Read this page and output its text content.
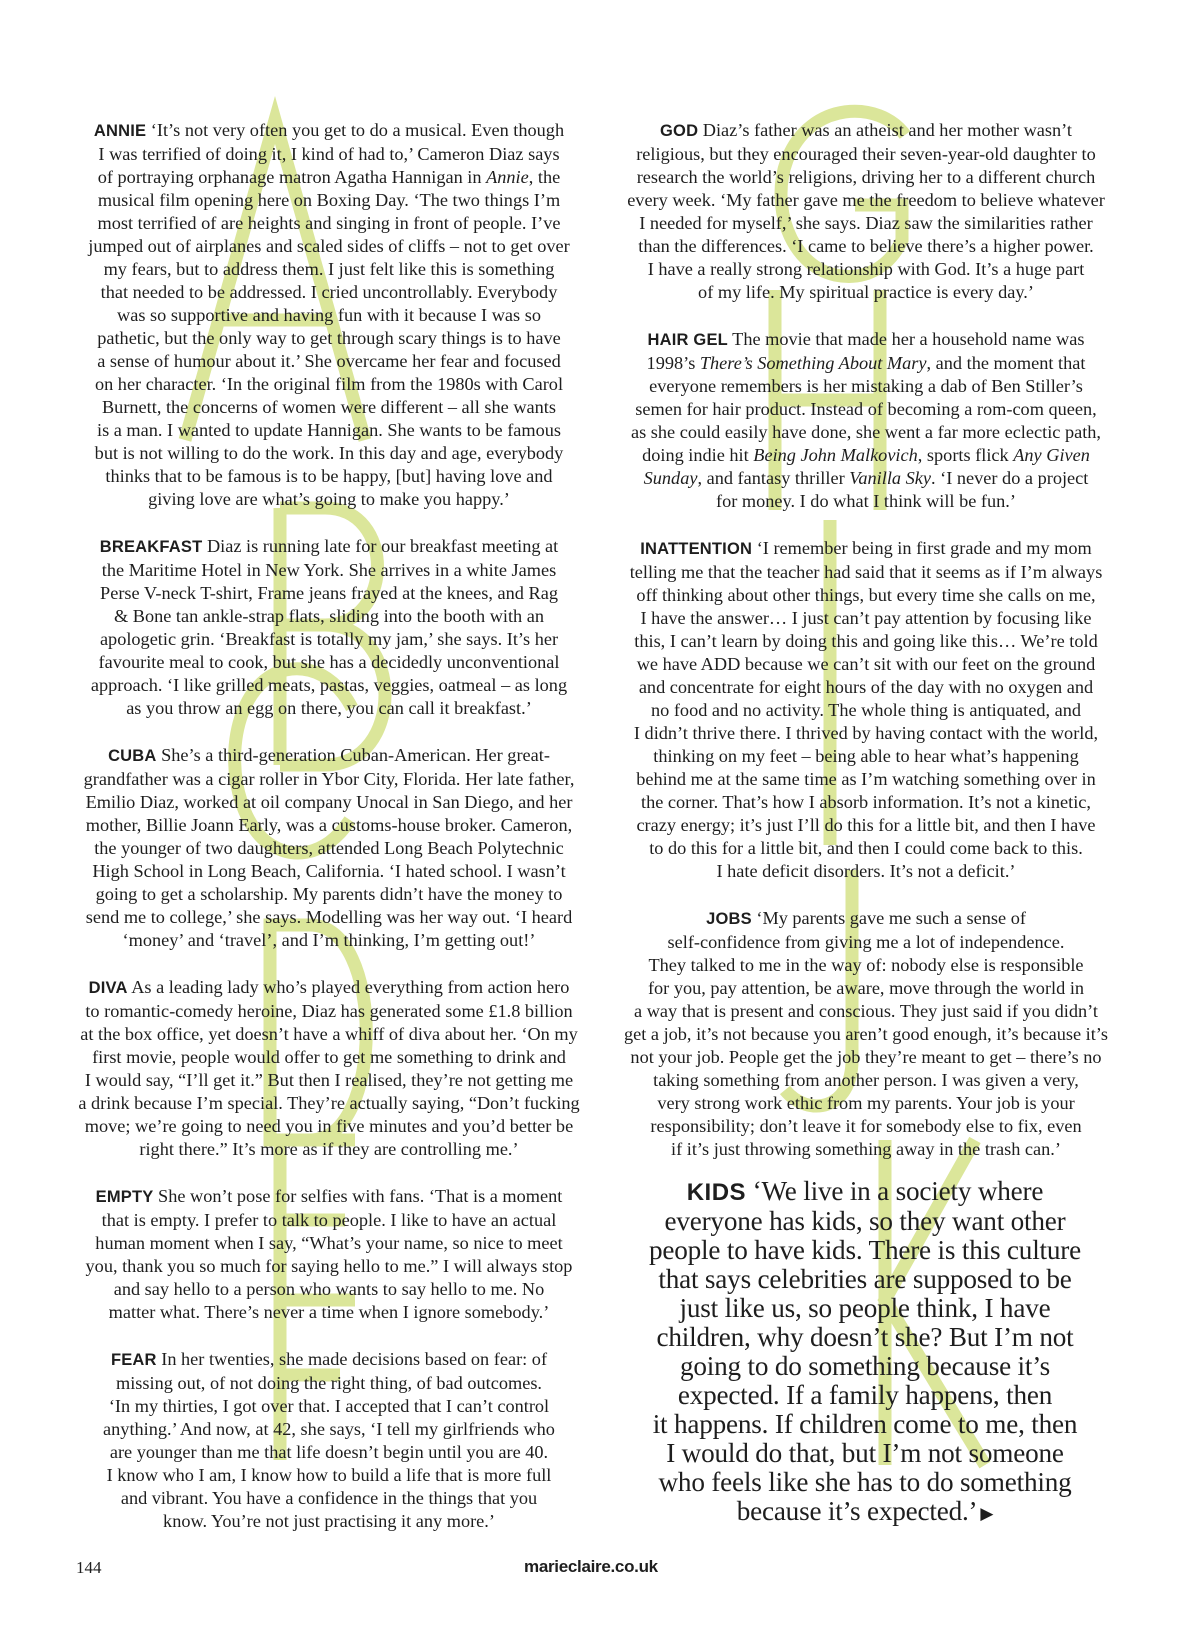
ANNIE ‘It’s not very often you get to do a musical. Even though
I was terrified of doing it, I kind of had to,’ Cameron Diaz says
of portraying orphanage matron Agatha Hannigan in Annie, the
musical film opening here on Boxing Day. ‘The two things I’m
most terrified of are heights and singing in front of people. I’ve
jumped out of airplanes and scaled sides of cliffs – not to get over
my fears, but to address them. I just felt like this is something
that needed to be addressed. I cried uncontrollably. Everybody
was so supportive and having fun with it because I was so
pathetic, but the only way to get through scary things is to have
a sense of humour about it.’ She overcame her fear and focused
on her character. ‘In the original film from the 1980s with Carol
Burnett, the concerns of women were different – all she wants
is a man. I wanted to update Hannigan. She wants to be famous
but is not willing to do the work. In this day and age, everybody
thinks that to be famous is to be happy, [but] having love and
giving love are what’s going to make you happy.’

BREAKFAST Diaz is running late for our breakfast meeting at
the Maritime Hotel in New York. She arrives in a white James
Perse V-neck T-shirt, Frame jeans frayed at the knees, and Rag
& Bone tan ankle-strap flats, sliding into the booth with an
apologetic grin. ‘Breakfast is totally my jam,’ she says. It’s her
favourite meal to cook, but she has a decidedly unconventional
approach. ‘I like grilled meats, pastas, veggies, oatmeal – as long
as you throw an egg on there, you can call it breakfast.’

CUBA She’s a third-generation Cuban-American. Her great-
grandfather was a cigar roller in Ybor City, Florida. Her late father,
Emilio Diaz, worked at oil company Unocal in San Diego, and her
mother, Billie Joann Early, was a customs-house broker. Cameron,
the younger of two daughters, attended Long Beach Polytechnic
High School in Long Beach, California. ‘I hated school. I wasn’t
going to get a scholarship. My parents didn’t have the money to
send me to college,’ she says. Modelling was her way out. ‘I heard
‘money’ and ‘travel’, and I’m thinking, I’m getting out!’

DIVA As a leading lady who’s played everything from action hero
to romantic-comedy heroine, Diaz has generated some £1.8 billion
at the box office, yet doesn’t have a whiff of diva about her. ‘On my
first movie, people would offer to get me something to drink and
I would say, “I’ll get it.” But then I realised, they’re not getting me
a drink because I’m special. They’re actually saying, “Don’t fucking
move; we’re going to need you in five minutes and you’d better be
right there.” It’s more as if they are controlling me.’

EMPTY She won’t pose for selfies with fans. ‘That is a moment
that is empty. I prefer to talk to people. I like to have an actual
human moment when I say, “What’s your name, so nice to meet
you, thank you so much for saying hello to me.” I will always stop
and say hello to a person who wants to say hello to me. No
matter what. There’s never a time when I ignore somebody.’

FEAR In her twenties, she made decisions based on fear: of
missing out, of not doing the right thing, of bad outcomes.
‘In my thirties, I got over that. I accepted that I can’t control
anything.’ And now, at 42, she says, ‘I tell my girlfriends who
are younger than me that life doesn’t begin until you are 40.
I know who I am, I know how to build a life that is more full
and vibrant. You have a confidence in the things that you
know. You’re not just practising it any more.’

GOD Diaz’s father was an atheist and her mother wasn’t
religious, but they encouraged their seven-year-old daughter to
research the world’s religions, driving her to a different church
every week. ‘My father gave me the freedom to believe whatever
I needed for myself,’ she says. Diaz saw the similarities rather
than the differences. ‘I came to believe there’s a higher power.
I have a really strong relationship with God. It’s a huge part
of my life. My spiritual practice is every day.’

HAIR GEL The movie that made her a household name was
1998’s There’s Something About Mary, and the moment that
everyone remembers is her mistaking a dab of Ben Stiller’s
semen for hair product. Instead of becoming a rom-com queen,
as she could easily have done, she went a far more eclectic path,
doing indie hit Being John Malkovich, sports flick Any Given
Sunday, and fantasy thriller Vanilla Sky. ‘I never do a project
for money. I do what I think will be fun.’

INATTENTION ‘I remember being in first grade and my mom
telling me that the teacher had said that it seems as if I’m always
off thinking about other things, but every time she calls on me,
I have the answer… I just can’t pay attention by focusing like
this, I can’t learn by doing this and going like this… We’re told
we have ADD because we can’t sit with our feet on the ground
and concentrate for eight hours of the day with no oxygen and
no food and no activity. The whole thing is antiquated, and
I didn’t thrive there. I thrived by having contact with the world,
thinking on my feet – being able to hear what’s happening
behind me at the same time as I’m watching something over in
the corner. That’s how I absorb information. It’s not a kinetic,
crazy energy; it’s just I’ll do this for a little bit, and then I have
to do this for a little bit, and then I could come back to this.
I hate deficit disorders. It’s not a deficit.’

JOBS ‘My parents gave me such a sense of
self-confidence from giving me a lot of independence.
They talked to me in the way of: nobody else is responsible
for you, pay attention, be aware, move through the world in
a way that is present and conscious. They just said if you didn’t
get a job, it’s not because you aren’t good enough, it’s because it’s
not your job. People get the job they’re meant to get – there’s no
taking something from another person. I was given a very,
very strong work ethic from my parents. Your job is your
responsibility; don’t leave it for somebody else to fix, even
if it’s just throwing something away in the trash can.’

KIDS ‘We live in a society where
everyone has kids, so they want other
people to have kids. There is this culture
that says celebrities are supposed to be
just like us, so people think, I have
children, why doesn’t she? But I’m not
going to do something because it’s
expected. If a family happens, then
it happens. If children come to me, then
I would do that, but I’m not someone
who feels like she has to do something
because it’s expected.’ ▶
144	marieclaire.co.uk
